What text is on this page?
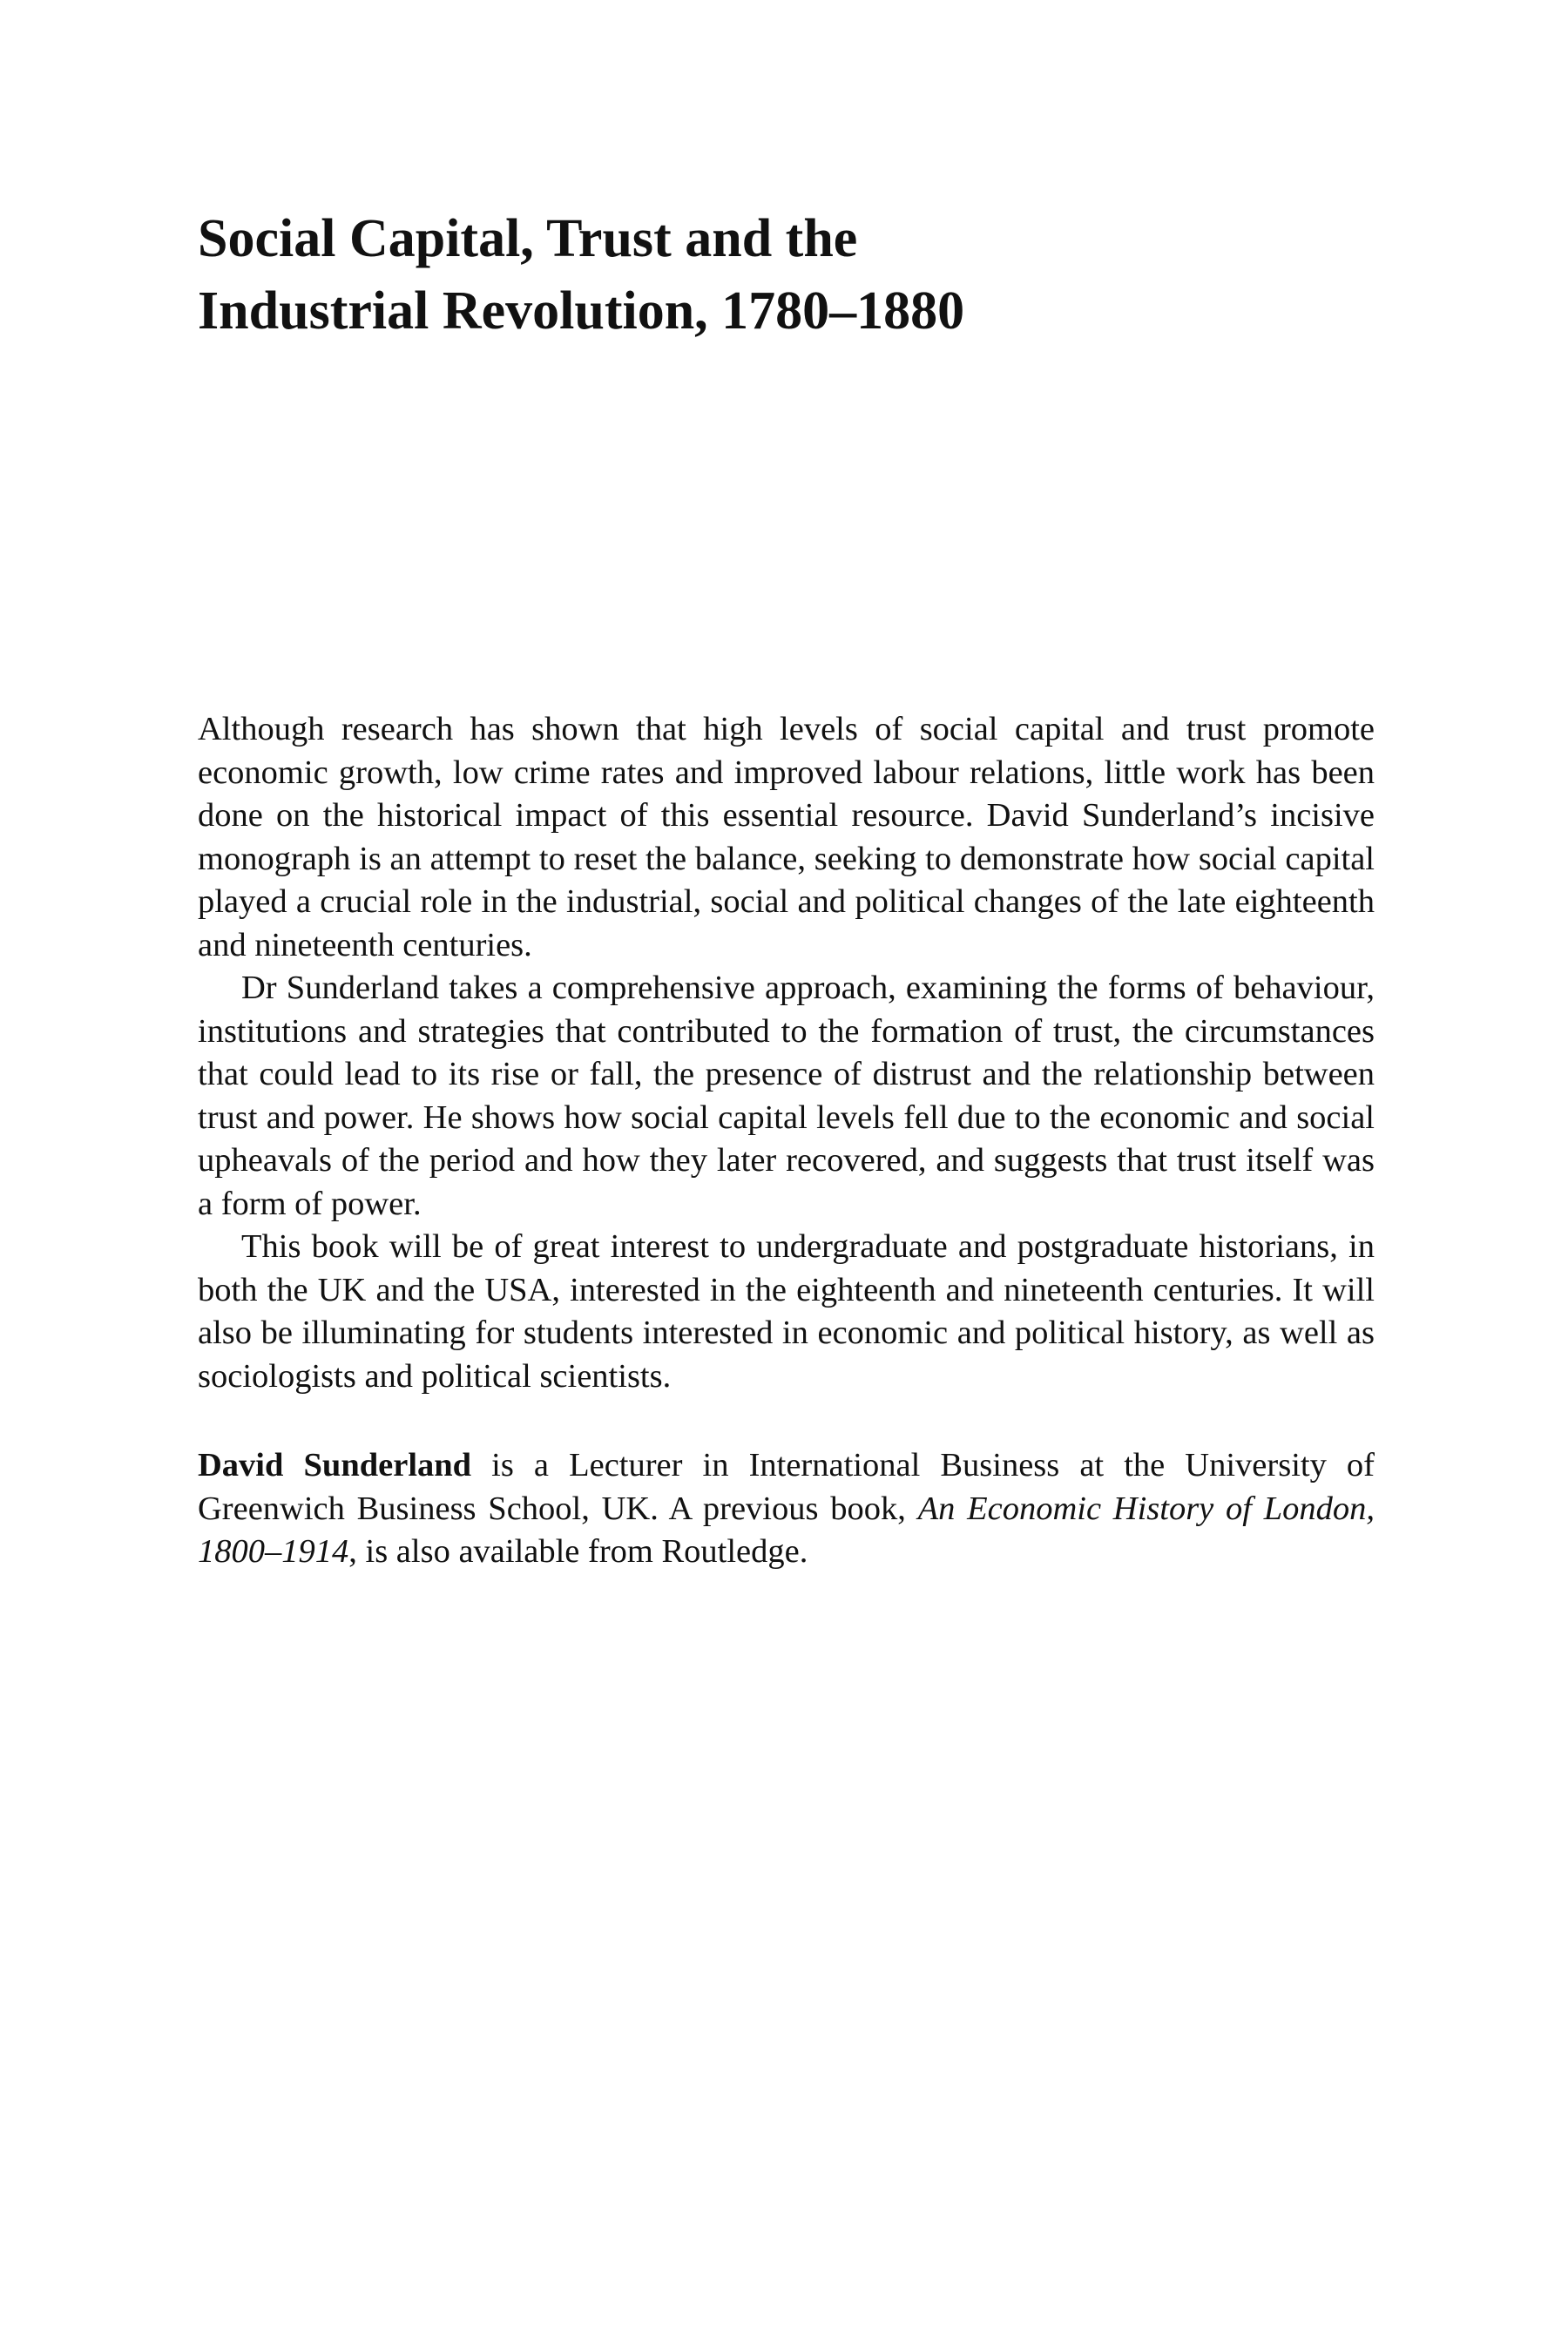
Social Capital, Trust and the
Industrial Revolution, 1780–1880

Although research has shown that high levels of social capital and trust promote economic growth, low crime rates and improved labour relations, little work has been done on the historical impact of this essential resource. David Sunderland’s incisive monograph is an attempt to reset the balance, seeking to demonstrate how social capital played a crucial role in the industrial, social and political changes of the late eighteenth and nineteenth centuries.

Dr Sunderland takes a comprehensive approach, examining the forms of behaviour, institutions and strategies that contributed to the formation of trust, the circumstances that could lead to its rise or fall, the presence of distrust and the relationship between trust and power. He shows how social capital levels fell due to the economic and social upheavals of the period and how they later recovered, and suggests that trust itself was a form of power.

This book will be of great interest to undergraduate and postgraduate historians, in both the UK and the USA, interested in the eighteenth and nineteenth centuries. It will also be illuminating for students interested in economic and political history, as well as sociologists and political scientists.

David Sunderland is a Lecturer in International Business at the University of Greenwich Business School, UK. A previous book, An Economic History of London, 1800–1914, is also available from Routledge.
